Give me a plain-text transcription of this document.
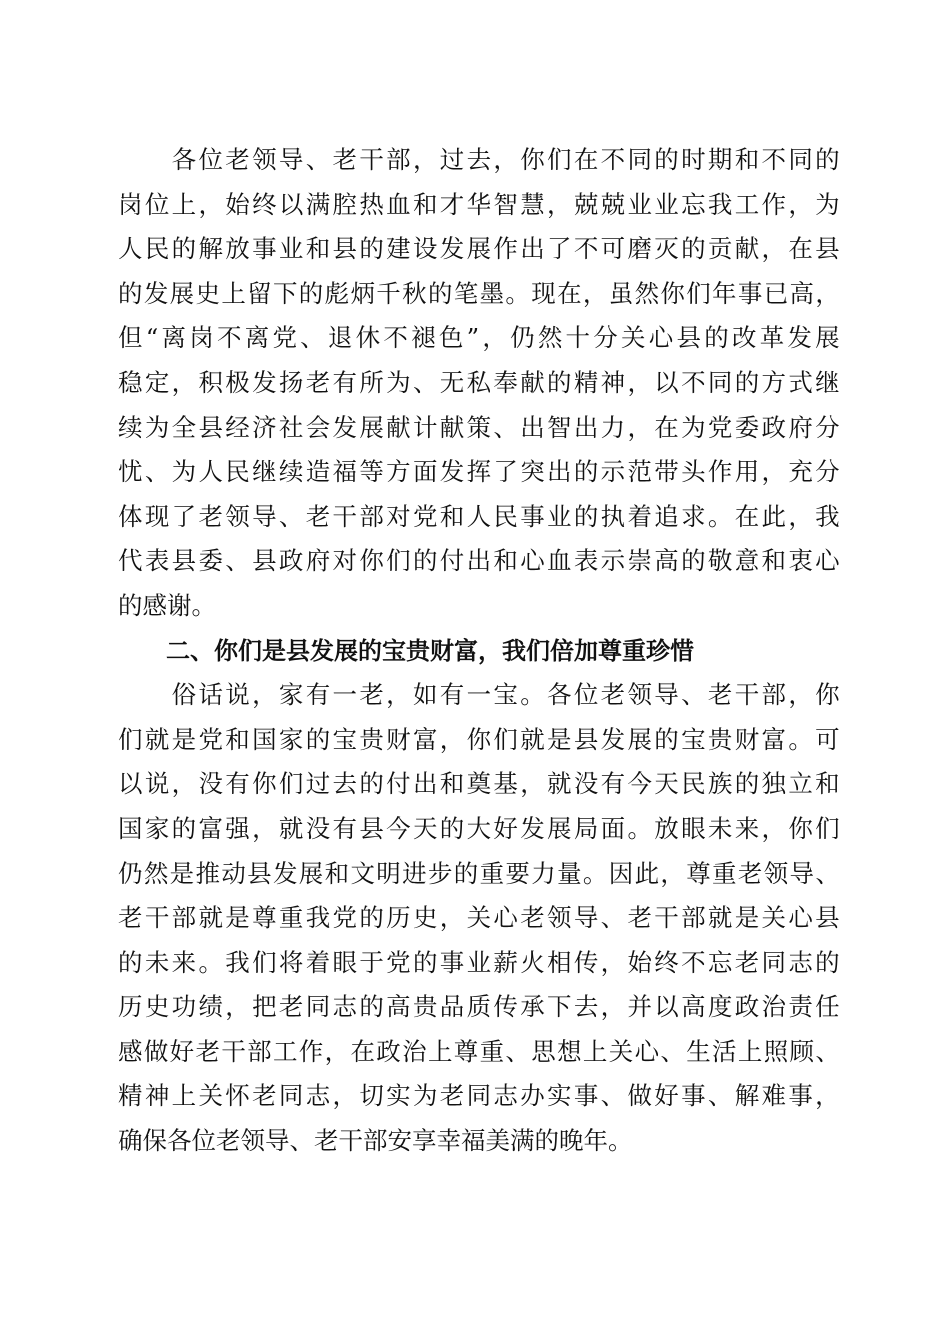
各 位 老 领 导 、 老 干 部 ， 过 去 ， 你 们 在 不 同 的 时 期 和 不 同 的
岗 位 上 ， 始 终 以 满 腔 热 血 和 才 华 智 慧 ， 兢 兢 业 业 忘 我 工 作 ， 为
人 民 的 解 放 事 业 和 县 的 建 设 发 展 作 出 了 不 可 磨 灭 的 贡 献 ， 在 县
的 发 展 史 上 留 下 的 彪 炳 千 秋 的 笔 墨 。 现 在 ， 虽 然 你 们 年 事 已 高 ，
但 “ 离 岗 不 离 党 、 退 休 不 褪 色 ” ， 仍 然 十 分 关 心 县 的 改 革 发 展
稳 定 ， 积 极 发 扬 老 有 所 为 、 无 私 奉 献 的 精 神 ， 以 不 同 的 方 式 继
续 为 全 县 经 济 社 会 发 展 献 计 献 策 、 出 智 出 力 ， 在 为 党 委 政 府 分
忧 、 为 人 民 继 续 造 福 等 方 面 发 挥 了 突 出 的 示 范 带 头 作 用 ， 充 分
体 现 了 老 领 导 、 老 干 部 对 党 和 人 民 事 业 的 执 着 追 求 。 在 此 ， 我
代 表 县 委 、 县 政 府 对 你 们 的 付 出 和 心 血 表 示 崇 高 的 敬 意 和 衷 心
的感谢。
　　二、你们是县发展的宝贵财富，我们倍加尊重珍惜

俗 话 说 ， 家 有 一 老 ， 如 有 一 宝 。 各 位 老 领 导 、 老 干 部 ， 你
们 就 是 党 和 国 家 的 宝 贵 财 富 ， 你 们 就 是 县 发 展 的 宝 贵 财 富 。 可
以 说 ， 没 有 你 们 过 去 的 付 出 和 奠 基 ， 就 没 有 今 天 民 族 的 独 立 和
国 家 的 富 强 ， 就 没 有 县 今 天 的 大 好 发 展 局 面 。 放 眼 未 来 ， 你 们
仍 然 是 推 动 县 发 展 和 文 明 进 步 的 重 要 力 量 。 因 此 ， 尊 重 老 领 导 、
老 干 部 就 是 尊 重 我 党 的 历 史 ， 关 心 老 领 导 、 老 干 部 就 是 关 心 县
的 未 来 。 我 们 将 着 眼 于 党 的 事 业 薪 火 相 传 ， 始 终 不 忘 老 同 志 的
历 史 功 绩 ， 把 老 同 志 的 高 贵 品 质 传 承 下 去 ， 并 以 高 度 政 治 责 任
感 做 好 老 干 部 工 作 ， 在 政 治 上 尊 重 、 思 想 上 关 心 、 生 活 上 照 顾 、
精 神 上 关 怀 老 同 志 ， 切 实 为 老 同 志 办 实 事 、 做 好 事 、 解 难 事 ，
确保各位老领导、老干部安享幸福美满的晚年。
